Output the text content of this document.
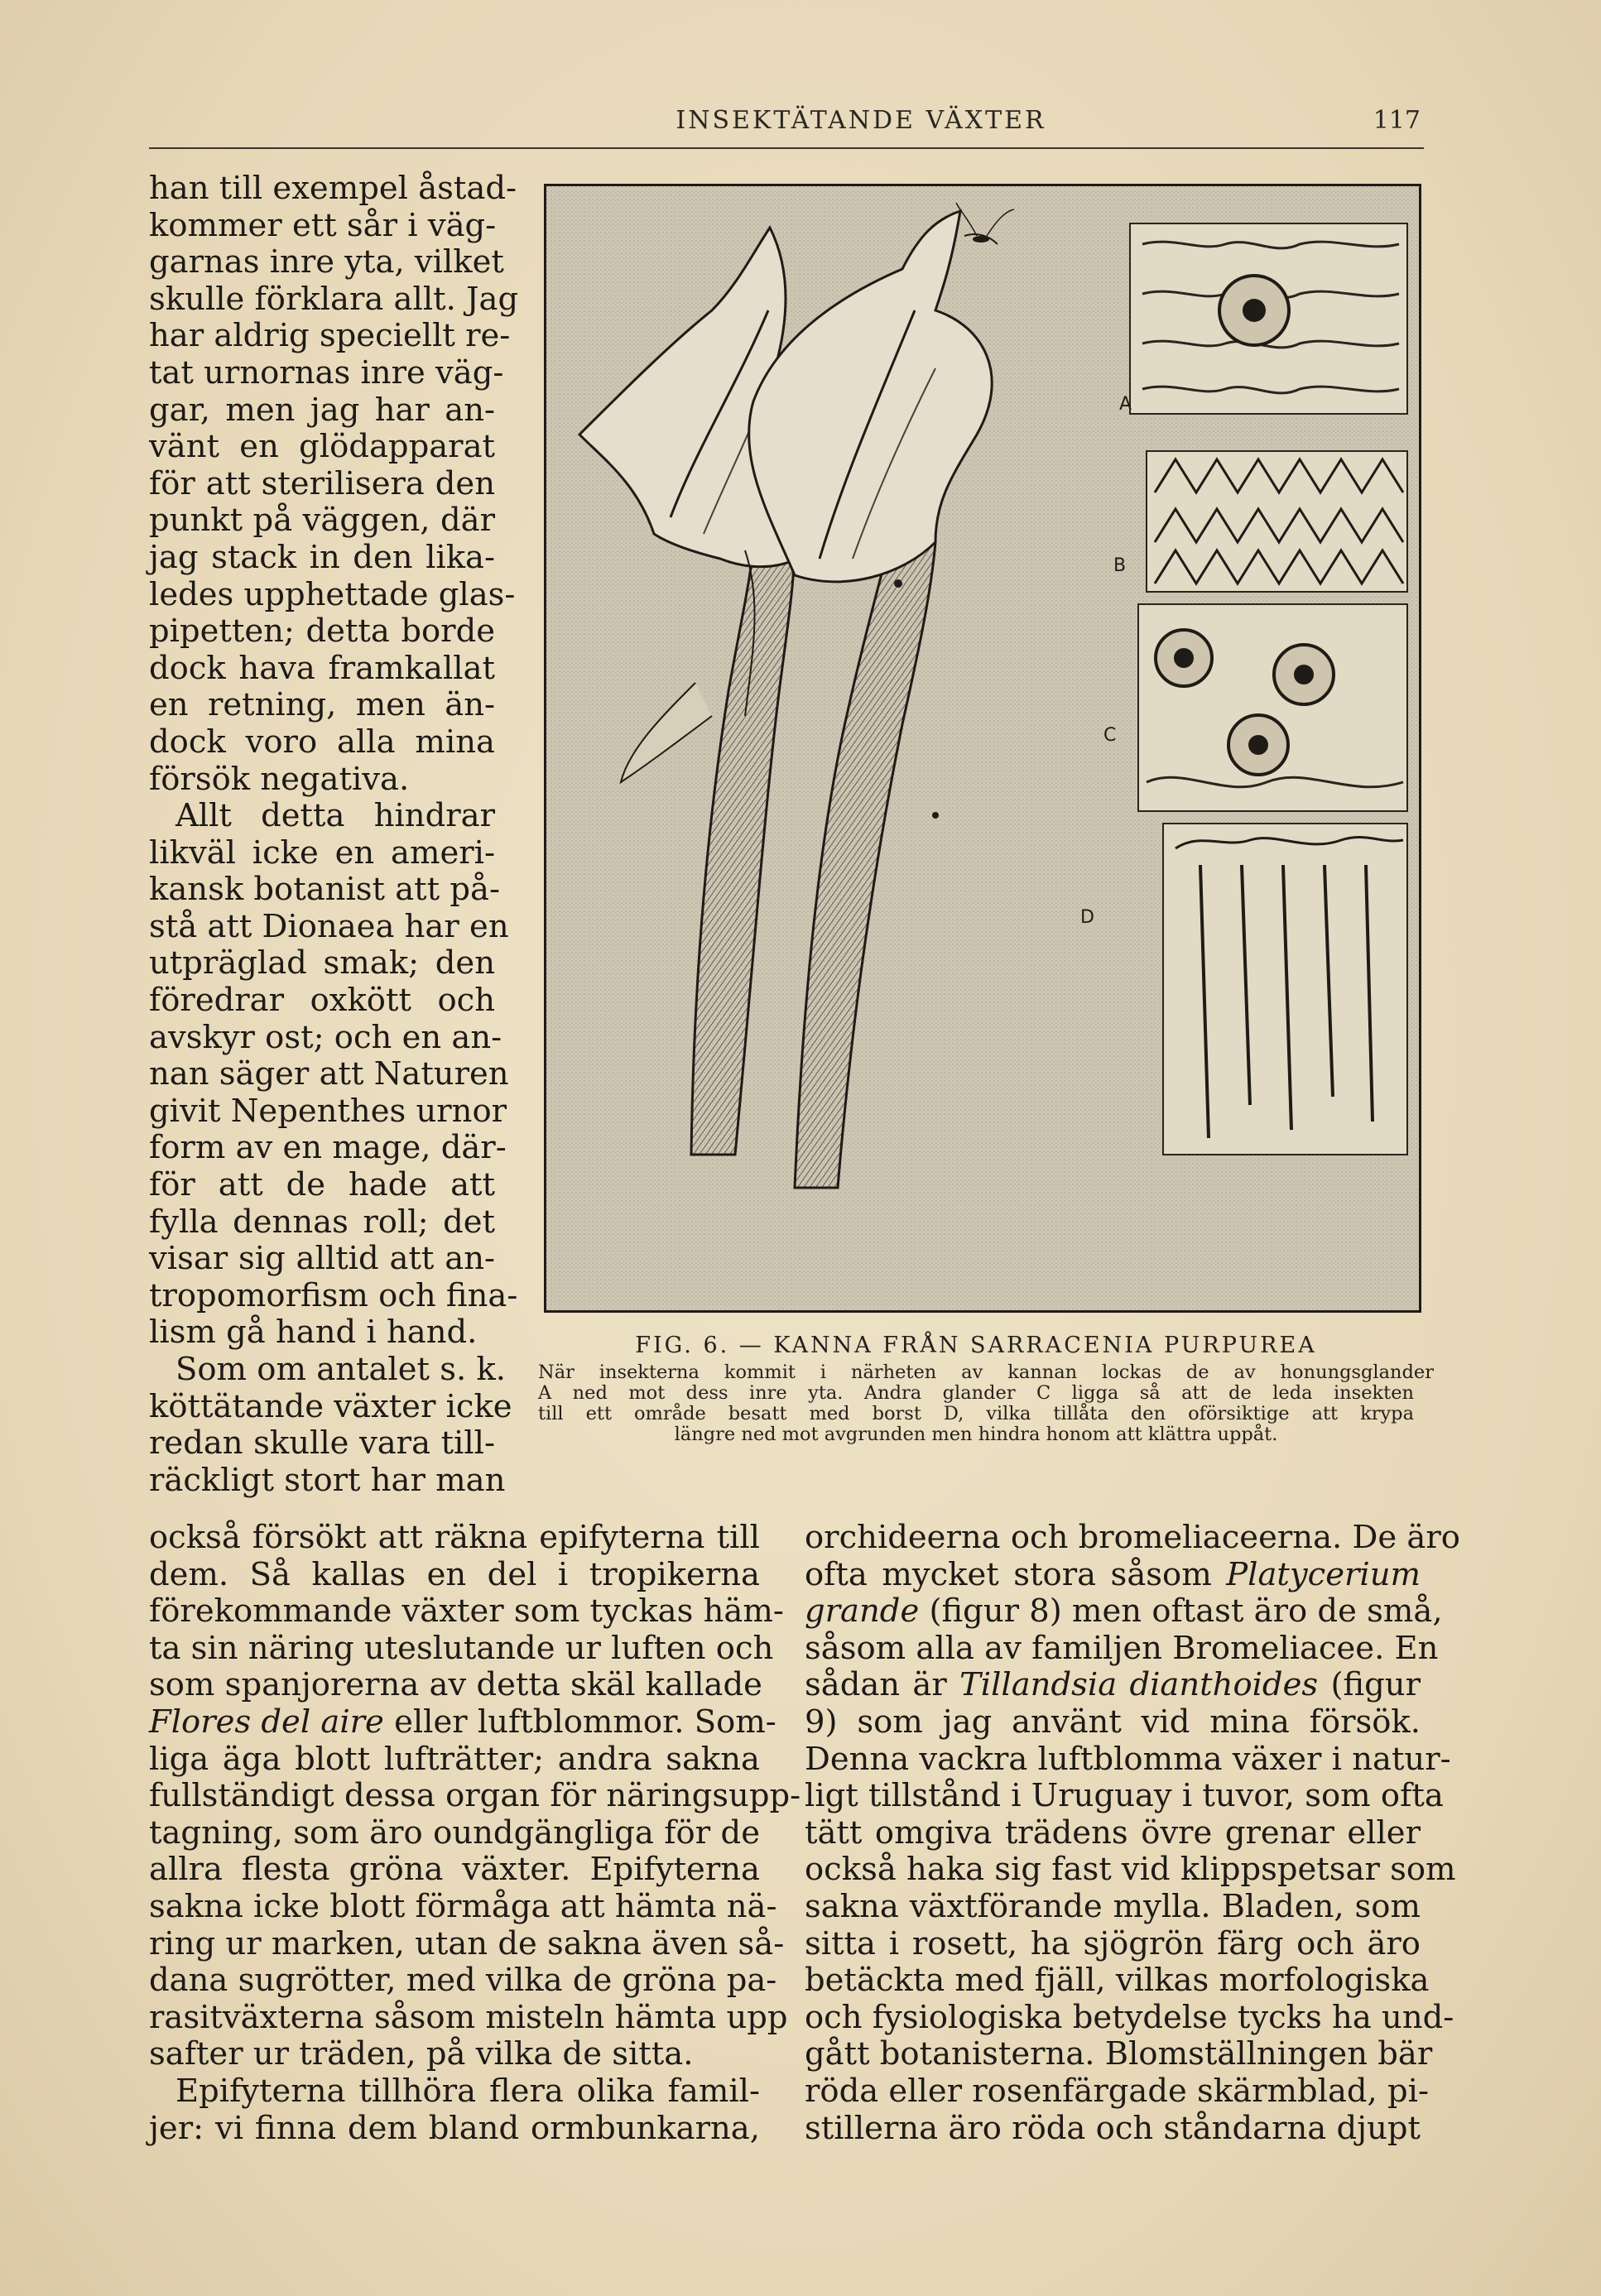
INSEKTÄTANDE VÄXTER	117
han till exempel åstad-
kommer ett sår i väg-
garnas inre yta, vilket
skulle förklara allt. Jag
har aldrig speciellt re-
tat urnornas inre väg-
gar, men jag har an-
vänt en glödapparat
för att sterilisera den
punkt på väggen, där
jag stack in den lika-
ledes upphettade glas-
pipetten; detta borde
dock hava framkallat
en retning, men än-
dock voro alla mina
försök negativa.
Allt detta hindrar
likväl icke en ameri-
kansk botanist att på-
stå att Dionaea har en
utpräglad smak; den
föredrar oxkött och
avskyr ost; och en an-
nan säger att Naturen
givit Nepenthes urnor
form av en mage, där-
för att de hade att
fylla dennas roll; det
visar sig alltid att an-
tropomorfism och fina-
lism gå hand i hand.
Som om antalet s. k.
köttätande växter icke
redan skulle vara till-
räckligt stort har man
också försökt att räkna epifyterna till
dem. Så kallas en del i tropikerna
förekommande växter som tyckas häm-
ta sin näring uteslutande ur luften och
som spanjorerna av detta skäl kallade
Flores del aire eller luftblommor. Som-
liga äga blott lufträtter; andra sakna
fullständigt dessa organ för näringsupp-
tagning, som äro oundgängliga för de
allra flesta gröna växter. Epifyterna
sakna icke blott förmåga att hämta nä-
ring ur marken, utan de sakna även så-
dana sugrötter, med vilka de gröna pa-
rasitväxterna såsom misteln hämta upp
safter ur träden, på vilka de sitta.
Epifyterna tillhöra flera olika famil-
jer: vi finna dem bland ormbunkarna,
orchideerna och bromeliaceerna. De äro
ofta mycket stora såsom Platycerium
grande (figur 8) men oftast äro de små,
såsom alla av familjen Bromeliacee. En
sådan är Tillandsia dianthoides (figur
9) som jag använt vid mina försök.
Denna vackra luftblomma växer i natur-
ligt tillstånd i Uruguay i tuvor, som ofta
tätt omgiva trädens övre grenar eller
också haka sig fast vid klippspetsar som
sakna växtförande mylla. Bladen, som
sitta i rosett, ha sjögrön färg och äro
betäckta med fjäll, vilkas morfologiska
och fysiologiska betydelse tycks ha und-
gått botanisterna. Blomställningen bär
röda eller rosenfärgade skärmblad, pi-
stillerna äro röda och ståndarna djupt
A
B
C
D
FIG. 6. — KANNA FRÅN SARRACENIA PURPUREA
När insekterna kommit i närheten av kannan lockas de av honungsglander
A ned mot dess inre yta. Andra glander C ligga så att de leda insekten
till ett område besatt med borst D, vilka tillåta den oförsiktige att krypa
längre ned mot avgrunden men hindra honom att klättra uppåt.
